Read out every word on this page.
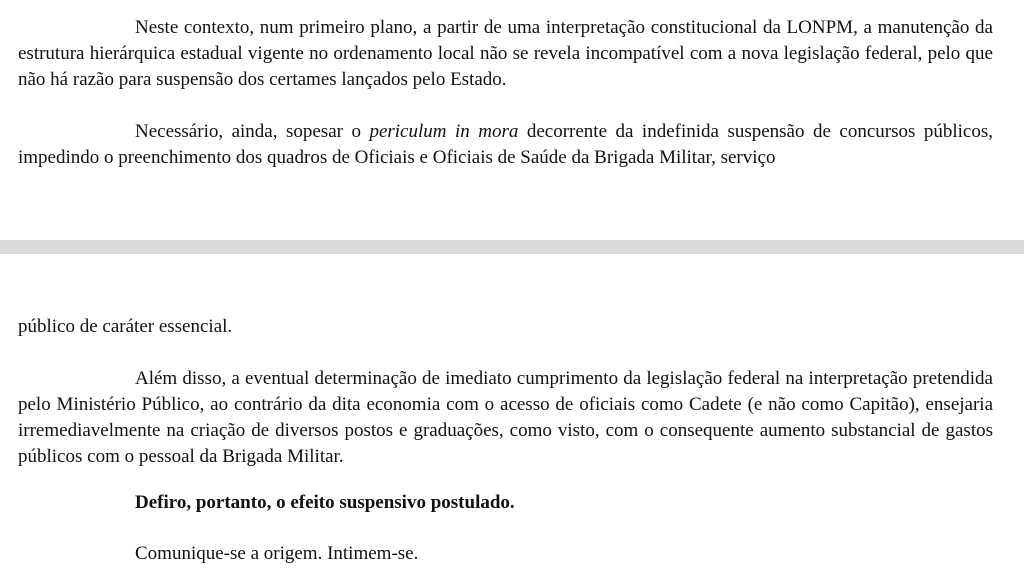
Neste contexto, num primeiro plano, a partir de uma interpretação constitucional da LONPM, a manutenção da estrutura hierárquica estadual vigente no ordenamento local não se revela incompatível com a nova legislação federal, pelo que não há razão para suspensão dos certames lançados pelo Estado.

Necessário, ainda, sopesar o periculum in mora decorrente da indefinida suspensão de concursos públicos, impedindo o preenchimento dos quadros de Oficiais e Oficiais de Saúde da Brigada Militar, serviço

público de caráter essencial.

Além disso, a eventual determinação de imediato cumprimento da legislação federal na interpretação pretendida pelo Ministério Público, ao contrário da dita economia com o acesso de oficiais como Cadete (e não como Capitão), ensejaria irremediavelmente na criação de diversos postos e graduações, como visto, com o consequente aumento substancial de gastos públicos com o pessoal da Brigada Militar.

Defiro, portanto, o efeito suspensivo postulado.

Comunique-se a origem. Intimem-se.
